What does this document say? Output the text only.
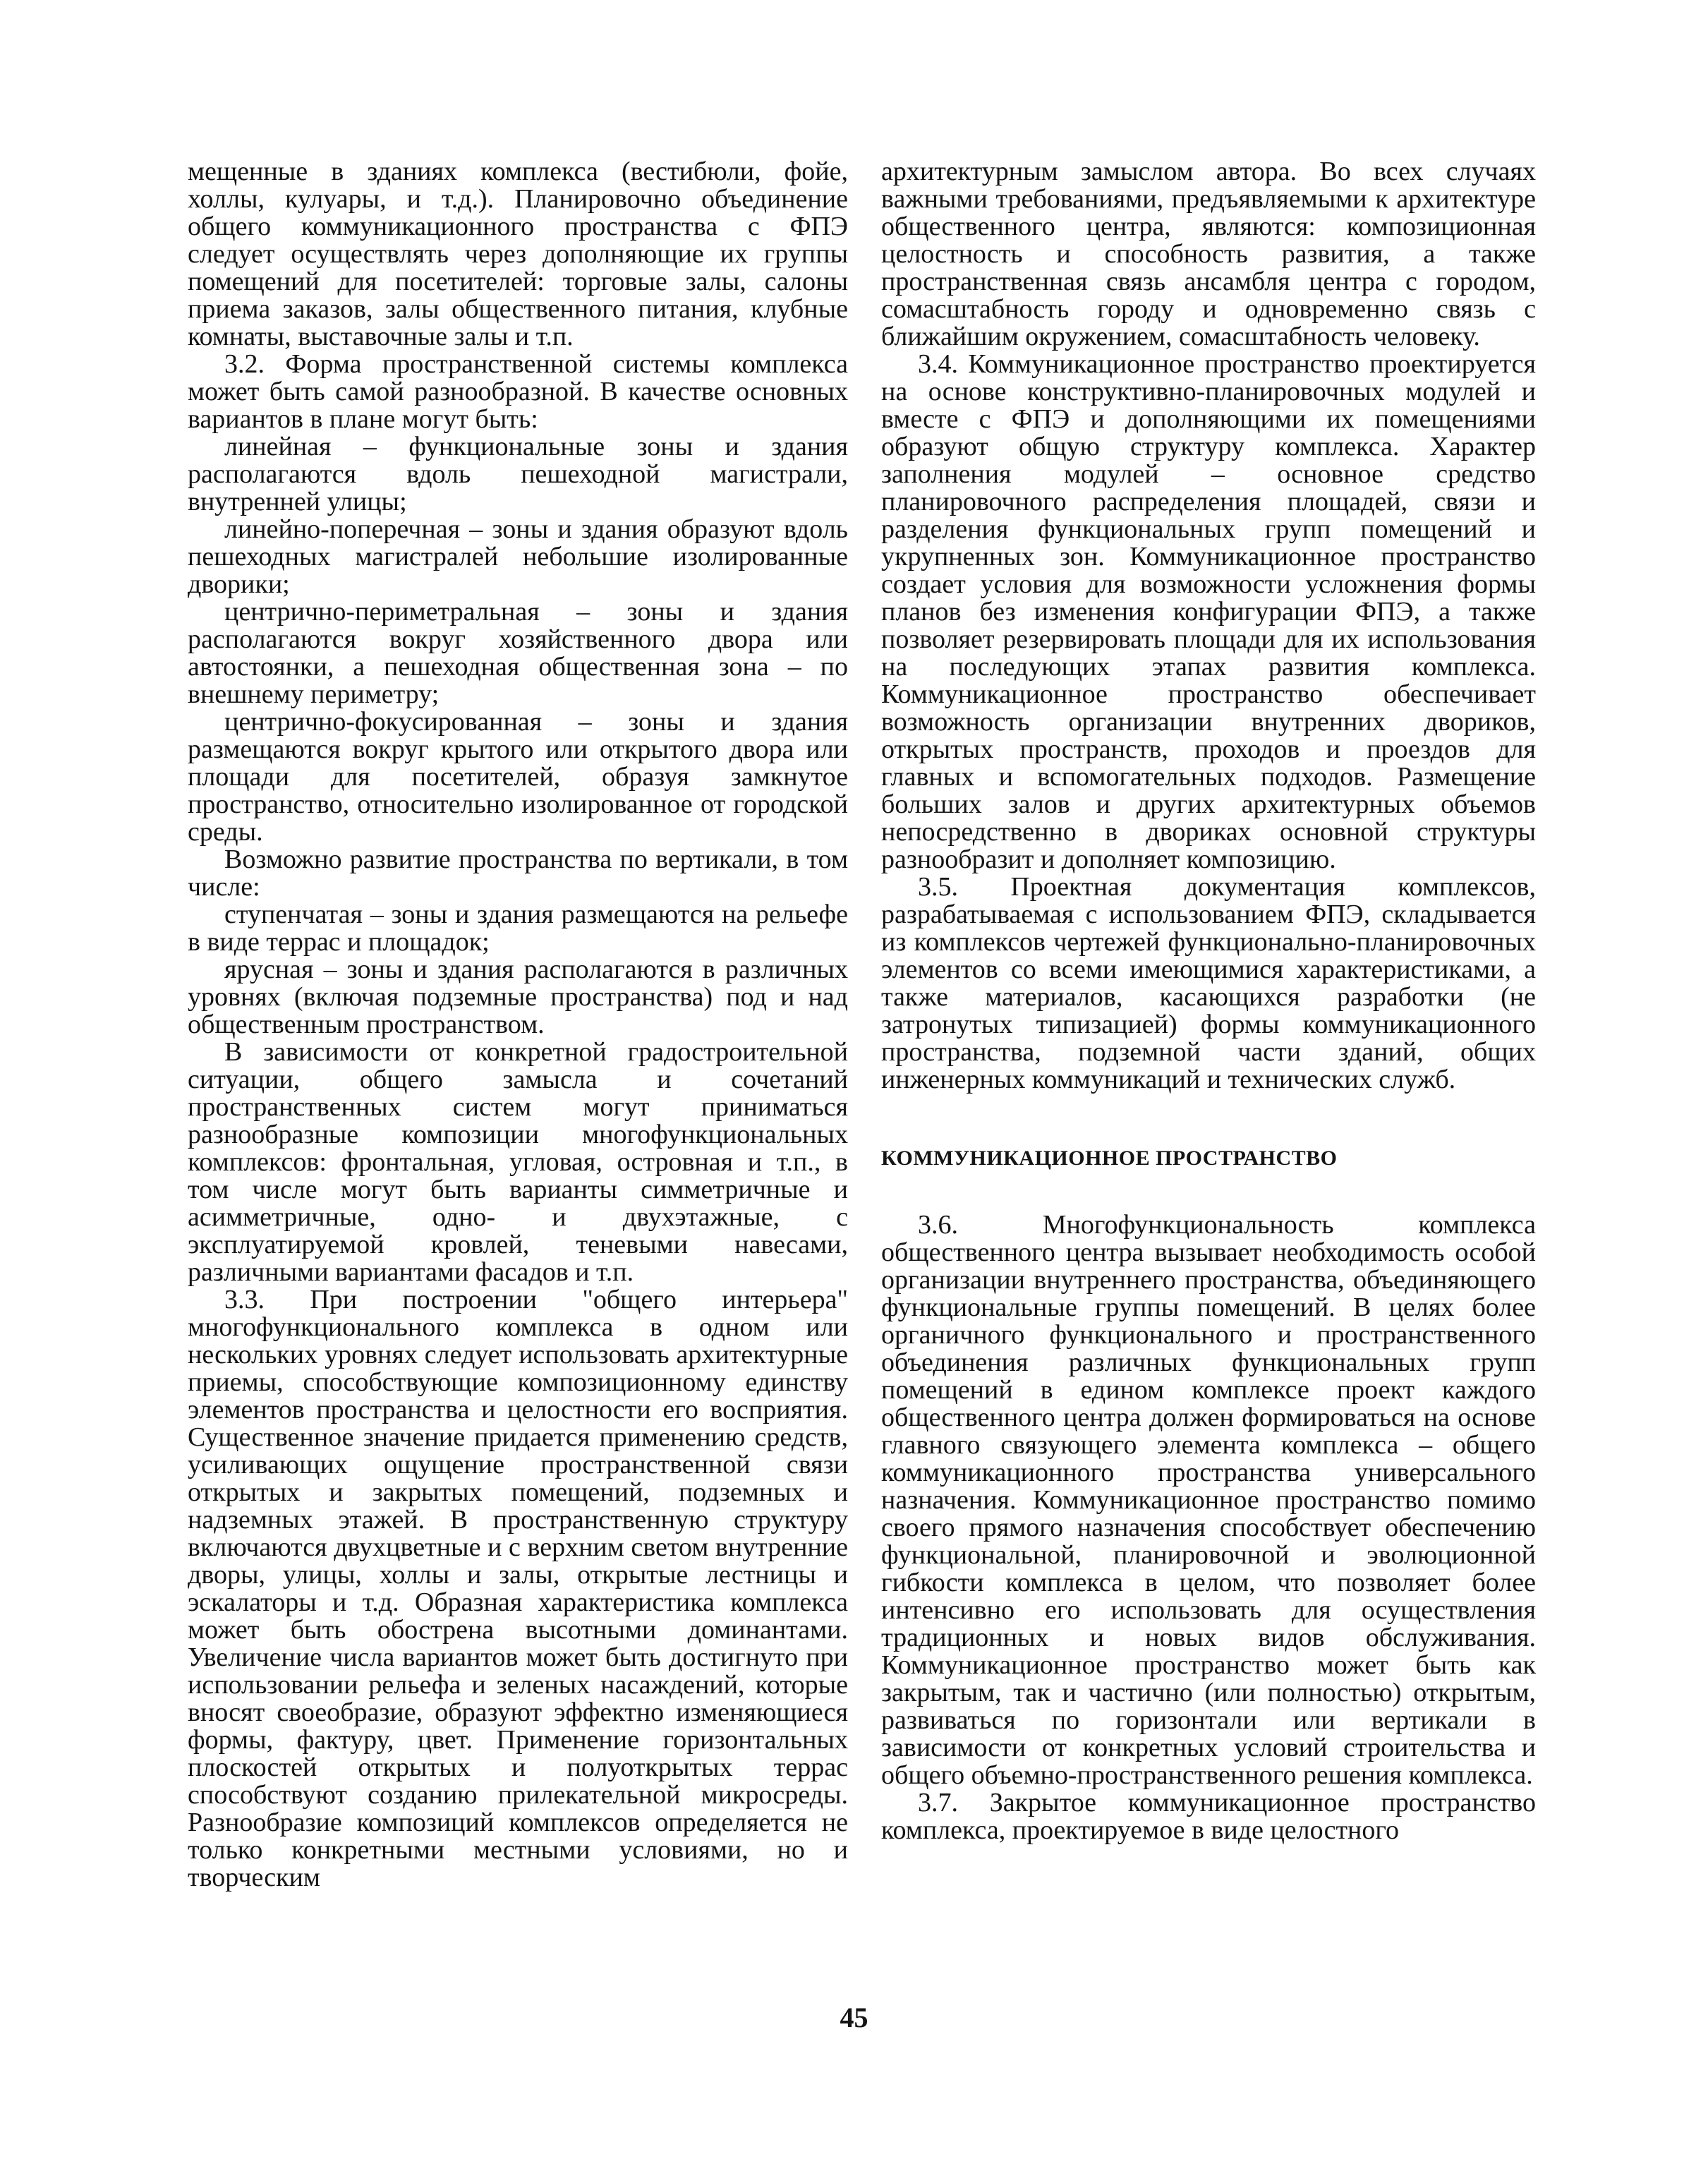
мещенные в зданиях комплекса (вестибюли, фойе, холлы, кулуары, и т.д.). Планировочно объединение общего коммуникационного пространства с ФПЭ следует осуществлять через дополняющие их группы помещений для посетителей: торговые залы, салоны приема заказов, залы общественного питания, клубные комнаты, выставочные залы и т.п.

3.2. Форма пространственной системы комплекса может быть самой разнообразной. В качестве основных вариантов в плане могут быть:

линейная – функциональные зоны и здания располагаются вдоль пешеходной магистрали, внутренней улицы;

линейно-поперечная – зоны и здания образуют вдоль пешеходных магистралей небольшие изолированные дворики;

центрично-периметральная – зоны и здания располагаются вокруг хозяйственного двора или автостоянки, а пешеходная общественная зона – по внешнему периметру;

центрично-фокусированная – зоны и здания размещаются вокруг крытого или открытого двора или площади для посетителей, образуя замкнутое пространство, относительно изолированное от городской среды.

Возможно развитие пространства по вертикали, в том числе:

ступенчатая – зоны и здания размещаются на рельефе в виде террас и площадок;

ярусная – зоны и здания располагаются в различных уровнях (включая подземные пространства) под и над общественным пространством.

В зависимости от конкретной градостроительной ситуации, общего замысла и сочетаний пространственных систем могут приниматься разнообразные композиции многофункциональных комплексов: фронтальная, угловая, островная и т.п., в том числе могут быть варианты симметричные и асимметричные, одно- и двухэтажные, с эксплуатируемой кровлей, теневыми навесами, различными вариантами фасадов и т.п.

3.3. При построении "общего интерьера" многофункционального комплекса в одном или нескольких уровнях следует использовать архитектурные приемы, способствующие композиционному единству элементов пространства и целостности его восприятия. Существенное значение придается применению средств, усиливающих ощущение пространственной связи открытых и закрытых помещений, подземных и надземных этажей. В пространственную структуру включаются двухцветные и с верхним светом внутренние дворы, улицы, холлы и залы, открытые лестницы и эскалаторы и т.д. Образная характеристика комплекса может быть обострена высотными доминантами. Увеличение числа вариантов может быть достигнуто при использовании рельефа и зеленых насаждений, которые вносят своеобразие, образуют эффектно изменяющиеся формы, фактуру, цвет. Применение горизонтальных плоскостей открытых и полуоткрытых террас способствуют созданию прилекательной микросреды. Разнообразие композиций комплексов определяется не только конкретными местными условиями, но и творческим

архитектурным замыслом автора. Во всех случаях важными требованиями, предъявляемыми к архитектуре общественного центра, являются: композиционная целостность и способность развития, а также пространственная связь ансамбля центра с городом, сомасштабность городу и одновременно связь с ближайшим окружением, сомасштабность человеку.

3.4. Коммуникационное пространство проектируется на основе конструктивно-планировочных модулей и вместе с ФПЭ и дополняющими их помещениями образуют общую структуру комплекса. Характер заполнения модулей – основное средство планировочного распределения площадей, связи и разделения функциональных групп помещений и укрупненных зон. Коммуникационное пространство создает условия для возможности усложнения формы планов без изменения конфигурации ФПЭ, а также позволяет резервировать площади для их использования на последующих этапах развития комплекса. Коммуникационное пространство обеспечивает возможность организации внутренних двориков, открытых пространств, проходов и проездов для главных и вспомогательных подходов. Размещение больших залов и других архитектурных объемов непосредственно в двориках основной структуры разнообразит и дополняет композицию.

3.5. Проектная документация комплексов, разрабатываемая с использованием ФПЭ, складывается из комплексов чертежей функционально-планировочных элементов со всеми имеющимися характеристиками, а также материалов, касающихся разработки (не затронутых типизацией) формы коммуникационного пространства, подземной части зданий, общих инженерных коммуникаций и технических служб.

КОММУНИКАЦИОННОЕ ПРОСТРАНСТВО

3.6. Многофункциональность комплекса общественного центра вызывает необходимость особой организации внутреннего пространства, объединяющего функциональные группы помещений. В целях более органичного функционального и пространственного объединения различных функциональных групп помещений в едином комплексе проект каждого общественного центра должен формироваться на основе главного связующего элемента комплекса – общего коммуникационного пространства универсального назначения. Коммуникационное пространство помимо своего прямого назначения способствует обеспечению функциональной, планировочной и эволюционной гибкости комплекса в целом, что позволяет более интенсивно его использовать для осуществления традиционных и новых видов обслуживания. Коммуникационное пространство может быть как закрытым, так и частично (или полностью) открытым, развиваться по горизонтали или вертикали в зависимости от конкретных условий строительства и общего объемно-пространственного решения комплекса.

3.7. Закрытое коммуникационное пространство комплекса, проектируемое в виде целостного

45
